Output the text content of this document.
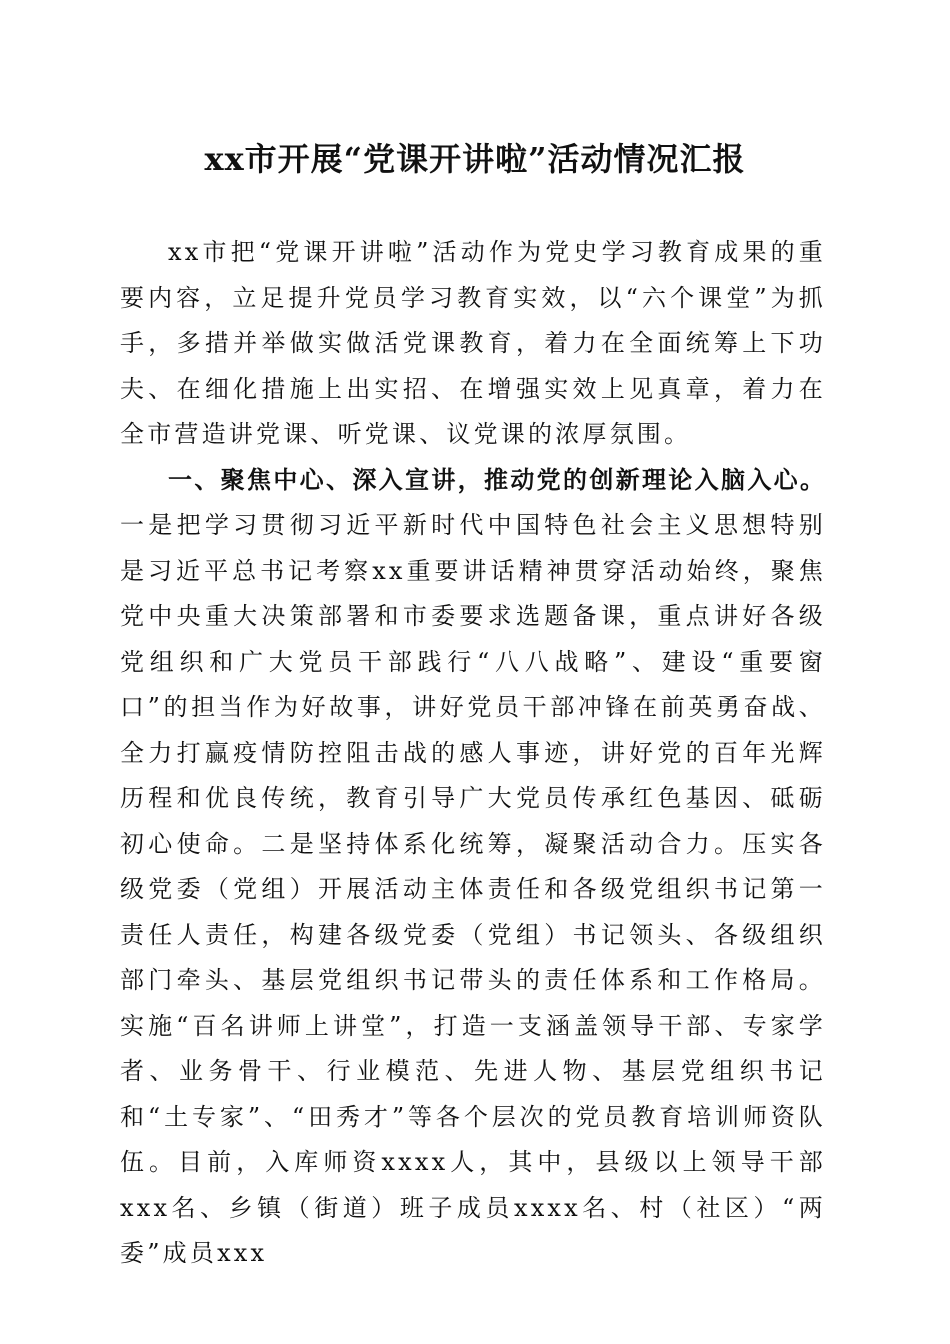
xx市开展“党课开讲啦”活动情况汇报

xx市把“党课开讲啦”活动作为党史学习教育成果的重要内容，立足提升党员学习教育实效，以“六个课堂”为抓手，多措并举做实做活党课教育，着力在全面统筹上下功夫、在细化措施上出实招、在增强实效上见真章，着力在全市营造讲党课、听党课、议党课的浓厚氛围。

一、聚焦中心、深入宣讲，推动党的创新理论入脑入心。一是把学习贯彻习近平新时代中国特色社会主义思想特别是习近平总书记考察xx重要讲话精神贯穿活动始终，聚焦党中央重大决策部署和市委要求选题备课，重点讲好各级党组织和广大党员干部践行“八八战略”、建设“重要窗口”的担当作为好故事，讲好党员干部冲锋在前英勇奋战、全力打赢疫情防控阻击战的感人事迹，讲好党的百年光辉历程和优良传统，教育引导广大党员传承红色基因、砥砺初心使命。二是坚持体系化统筹，凝聚活动合力。压实各级党委（党组）开展活动主体责任和各级党组织书记第一责任人责任，构建各级党委（党组）书记领头、各级组织部门牵头、基层党组织书记带头的责任体系和工作格局。实施“百名讲师上讲堂”，打造一支涵盖领导干部、专家学者、业务骨干、行业模范、先进人物、基层党组织书记和“土专家”、“田秀才”等各个层次的党员教育培训师资队伍。目前，入库师资xxxx人，其中，县级以上领导干部xxx名、乡镇（街道）班子成员xxxx名、村（社区）“两委”成员xxx
